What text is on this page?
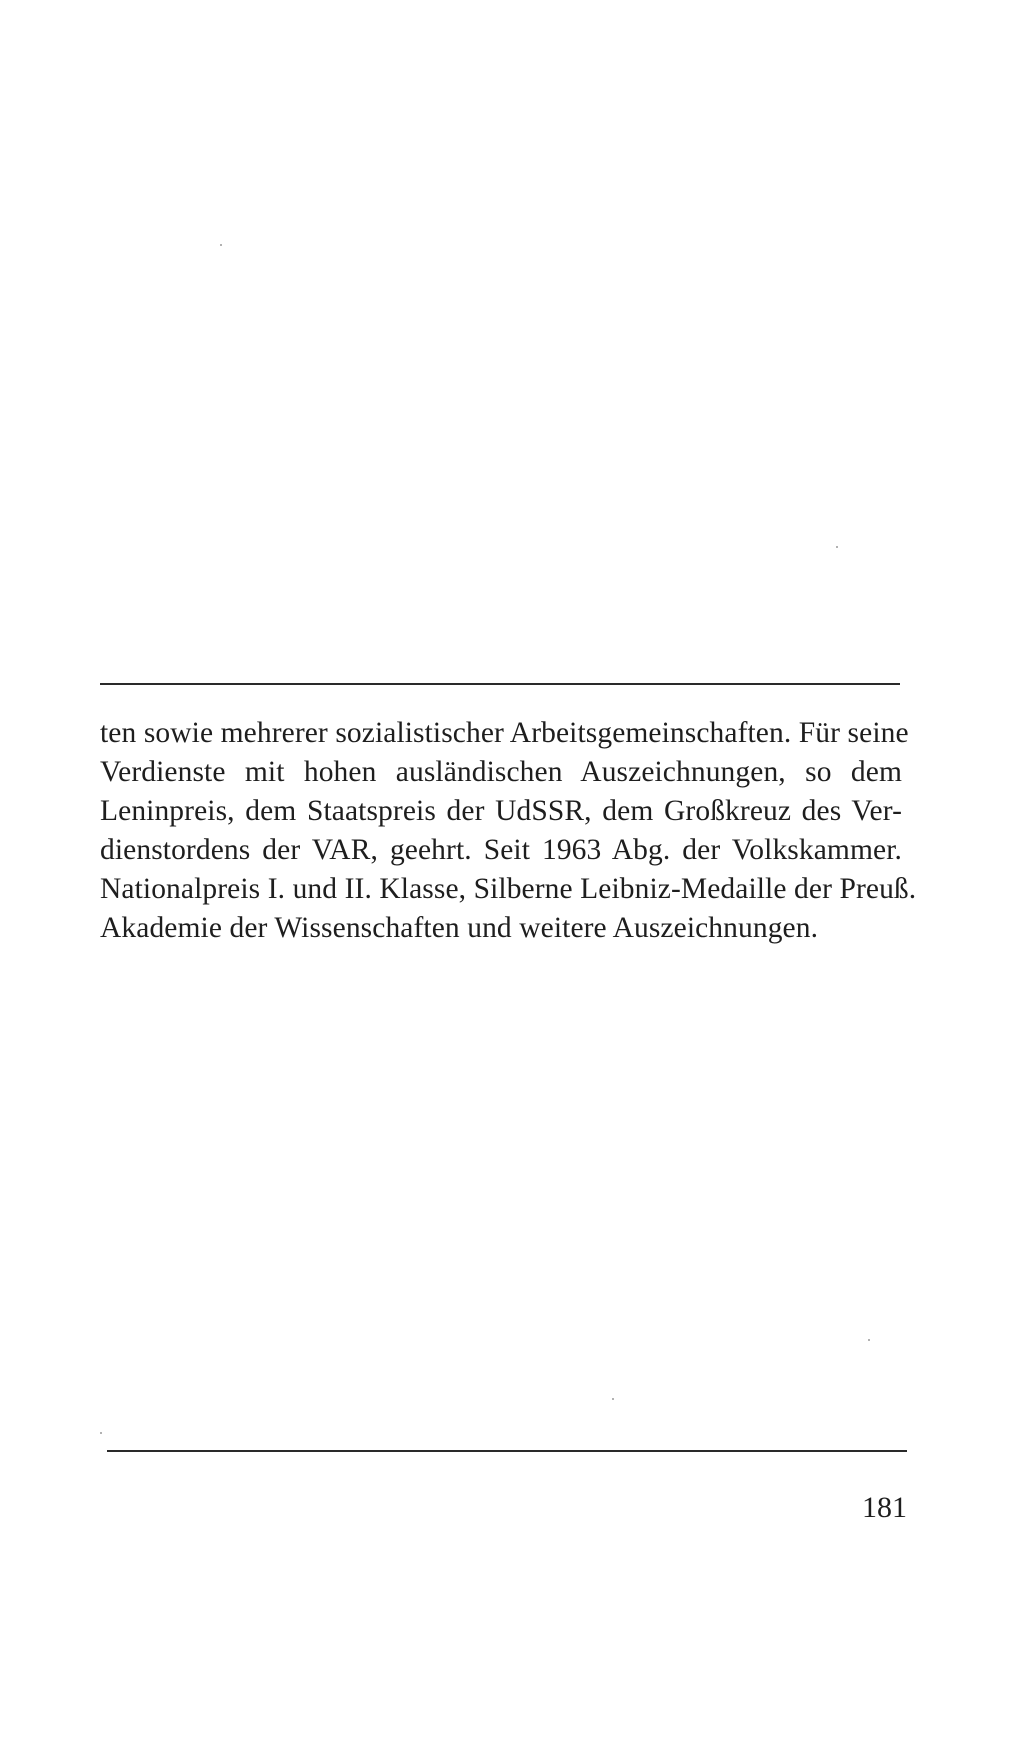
ten sowie mehrerer sozialistischer Arbeitsgemeinschaften. Für seine
Verdienste mit hohen ausländischen Auszeichnungen, so dem
Leninpreis, dem Staatspreis der UdSSR, dem Großkreuz des Ver-
dienstordens der VAR, geehrt. Seit 1963 Abg. der Volkskammer.
Nationalpreis I. und II. Klasse, Silberne Leibniz-Medaille der Preuß.
Akademie der Wissenschaften und weitere Auszeichnungen.

181
